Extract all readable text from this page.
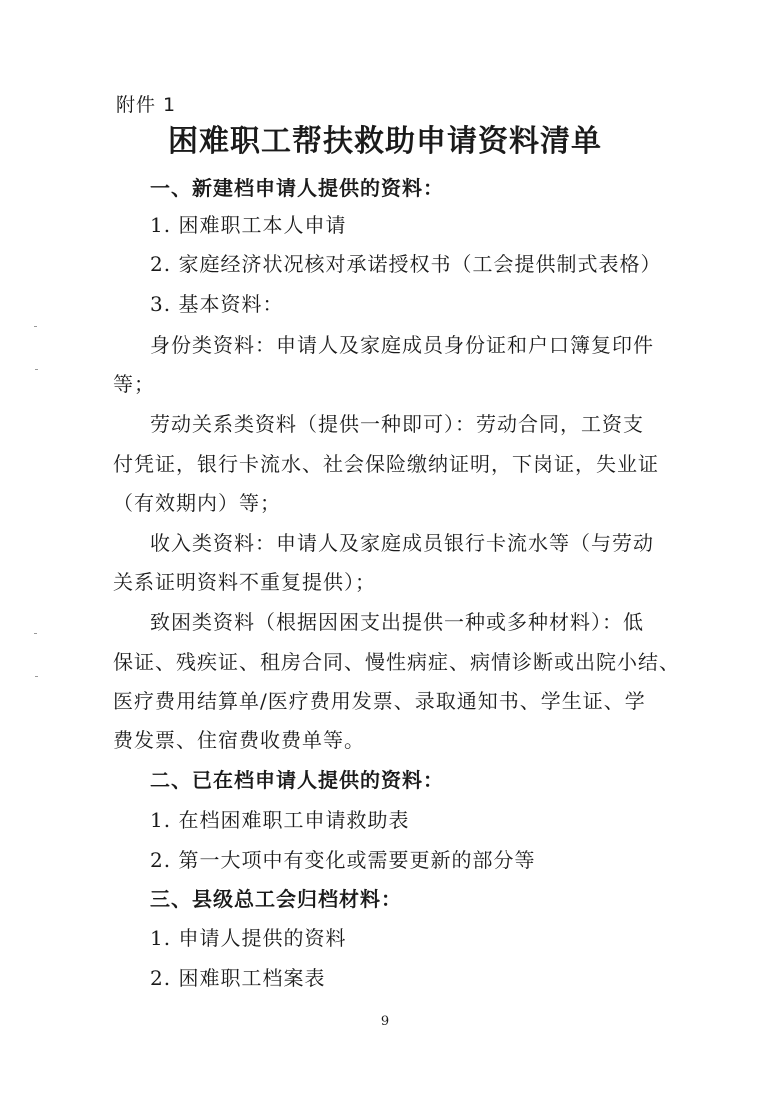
附件 1
困难职工帮扶救助申请资料清单
一、新建档申请人提供的资料：
1. 困难职工本人申请
2. 家庭经济状况核对承诺授权书（工会提供制式表格）
3. 基本资料：
身份类资料：申请人及家庭成员身份证和户口簿复印件
等；
劳动关系类资料（提供一种即可）：劳动合同，工资支
付凭证，银行卡流水、社会保险缴纳证明，下岗证，失业证
（有效期内）等；
收入类资料：申请人及家庭成员银行卡流水等（与劳动
关系证明资料不重复提供）；
致困类资料（根据因困支出提供一种或多种材料）：低
保证、残疾证、租房合同、慢性病症、病情诊断或出院小结、
医疗费用结算单/医疗费用发票、录取通知书、学生证、学
费发票、住宿费收费单等。
二、已在档申请人提供的资料：
1. 在档困难职工申请救助表
2. 第一大项中有变化或需要更新的部分等
三、县级总工会归档材料：
1. 申请人提供的资料
2. 困难职工档案表
9
